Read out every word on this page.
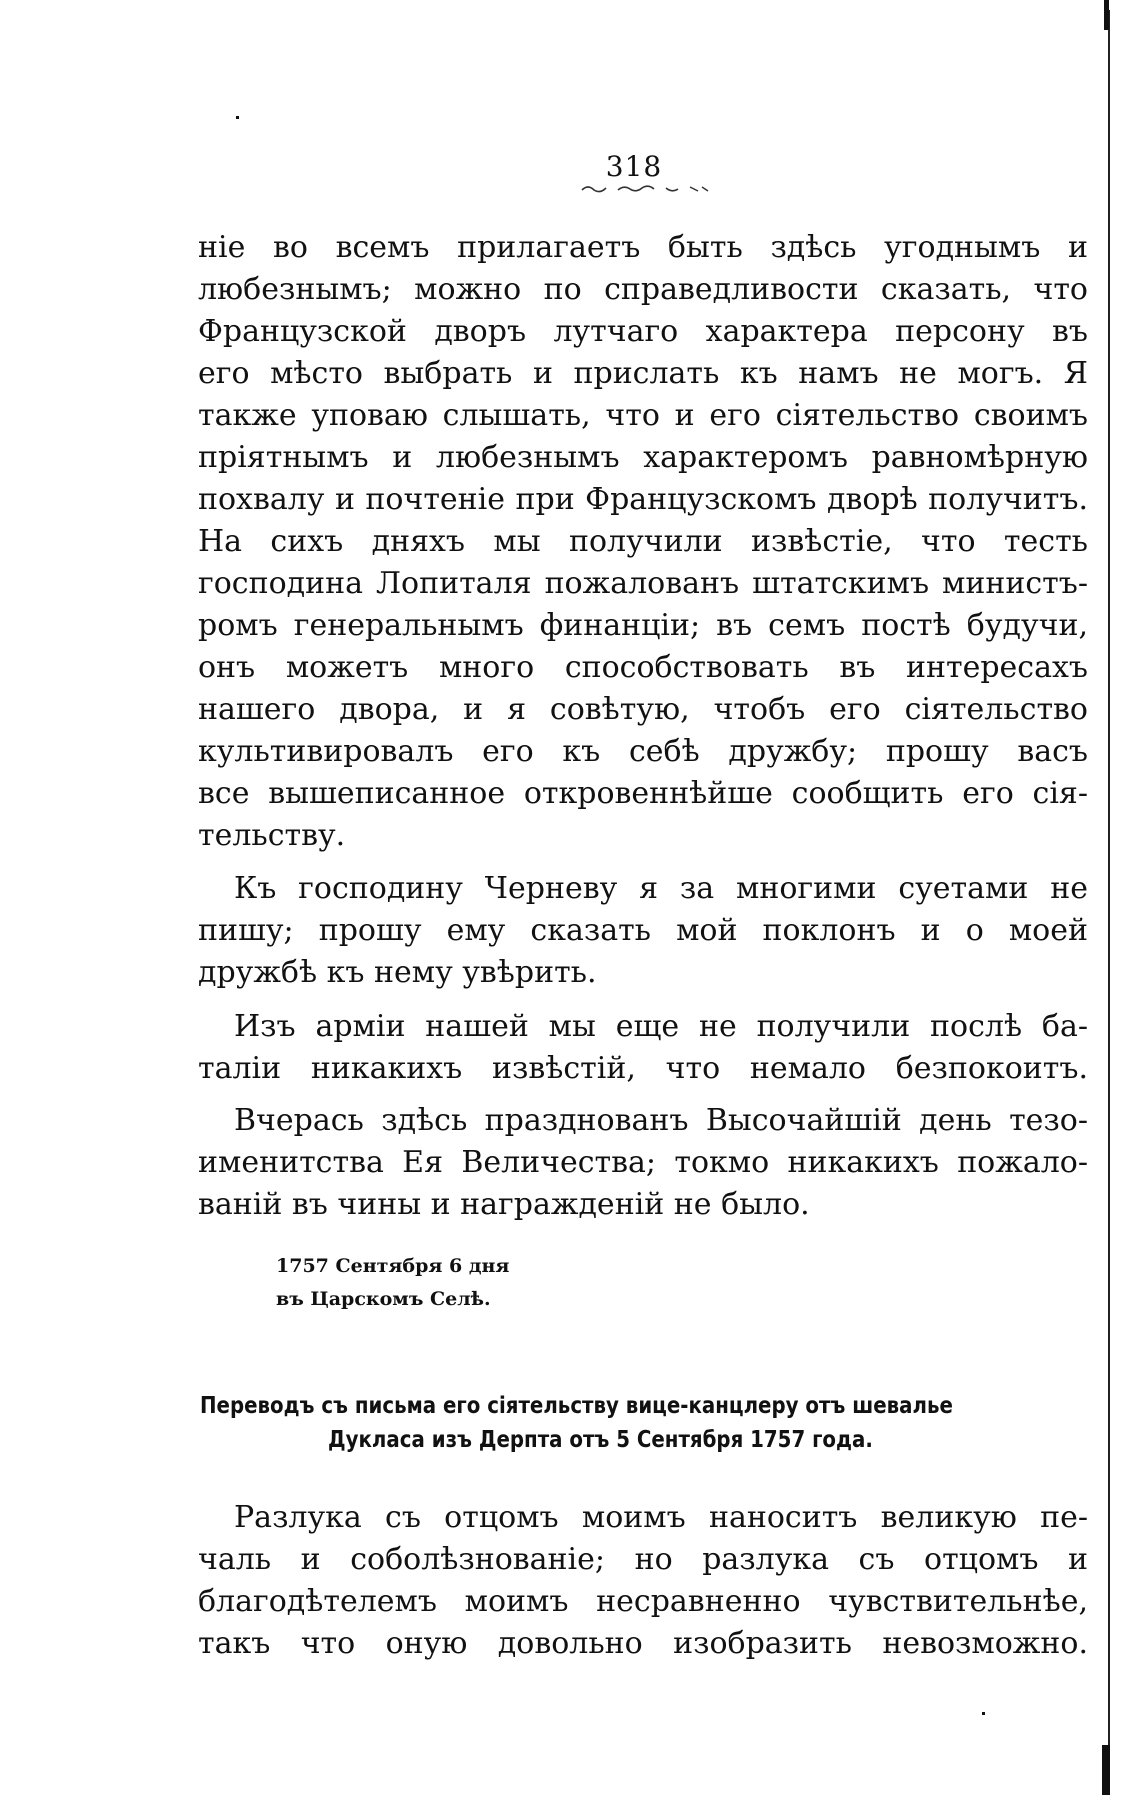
318

ніе во всемъ прилагаетъ быть здѣсь угоднымъ и

любезнымъ; можно по справедливости сказать, что

Французской дворъ лутчаго характера персону въ

его мѣсто выбрать и прислать къ намъ не могъ. Я

также уповаю слышать, что и его сіятельство своимъ

пріятнымъ и любезнымъ характеромъ равномѣрную

похвалу и почтеніе при Французскомъ дворѣ получитъ.

На сихъ дняхъ мы получили извѣстіе, что тесть

господина Лопиталя пожалованъ штатскимъ министъ-

ромъ генеральнымъ финанціи; въ семъ постѣ будучи,

онъ можетъ много способствовать въ интересахъ

нашего двора, и я совѣтую, чтобъ его сіятельство

культивировалъ его къ себѣ дружбу; прошу васъ

все вышеписанное откровеннѣйше сообщить его сія-

тельству.

Къ господину Черневу я за многими суетами не

пишу; прошу ему сказать мой поклонъ и о моей

дружбѣ къ нему увѣрить.

Изъ арміи нашей мы еще не получили послѣ ба-

таліи никакихъ извѣстій, что немало безпокоитъ.

Вчерась здѣсь празднованъ Высочайшій день тезо-

именитства Ея Величества; токмо никакихъ пожало-

ваній въ чины и награжденій не было.

1757 Сентября 6 дня

въ Царскомъ Селѣ.

Переводъ съ письма его сіятельству вице-канцлеру отъ шевалье

Дукласа изъ Дерпта отъ 5 Сентября 1757 года.

Разлука съ отцомъ моимъ наноситъ великую пе-

чаль и соболѣзнованіе; но разлука съ отцомъ и

благодѣтелемъ моимъ несравненно чувствительнѣе,

такъ что оную довольно изобразить невозможно.
